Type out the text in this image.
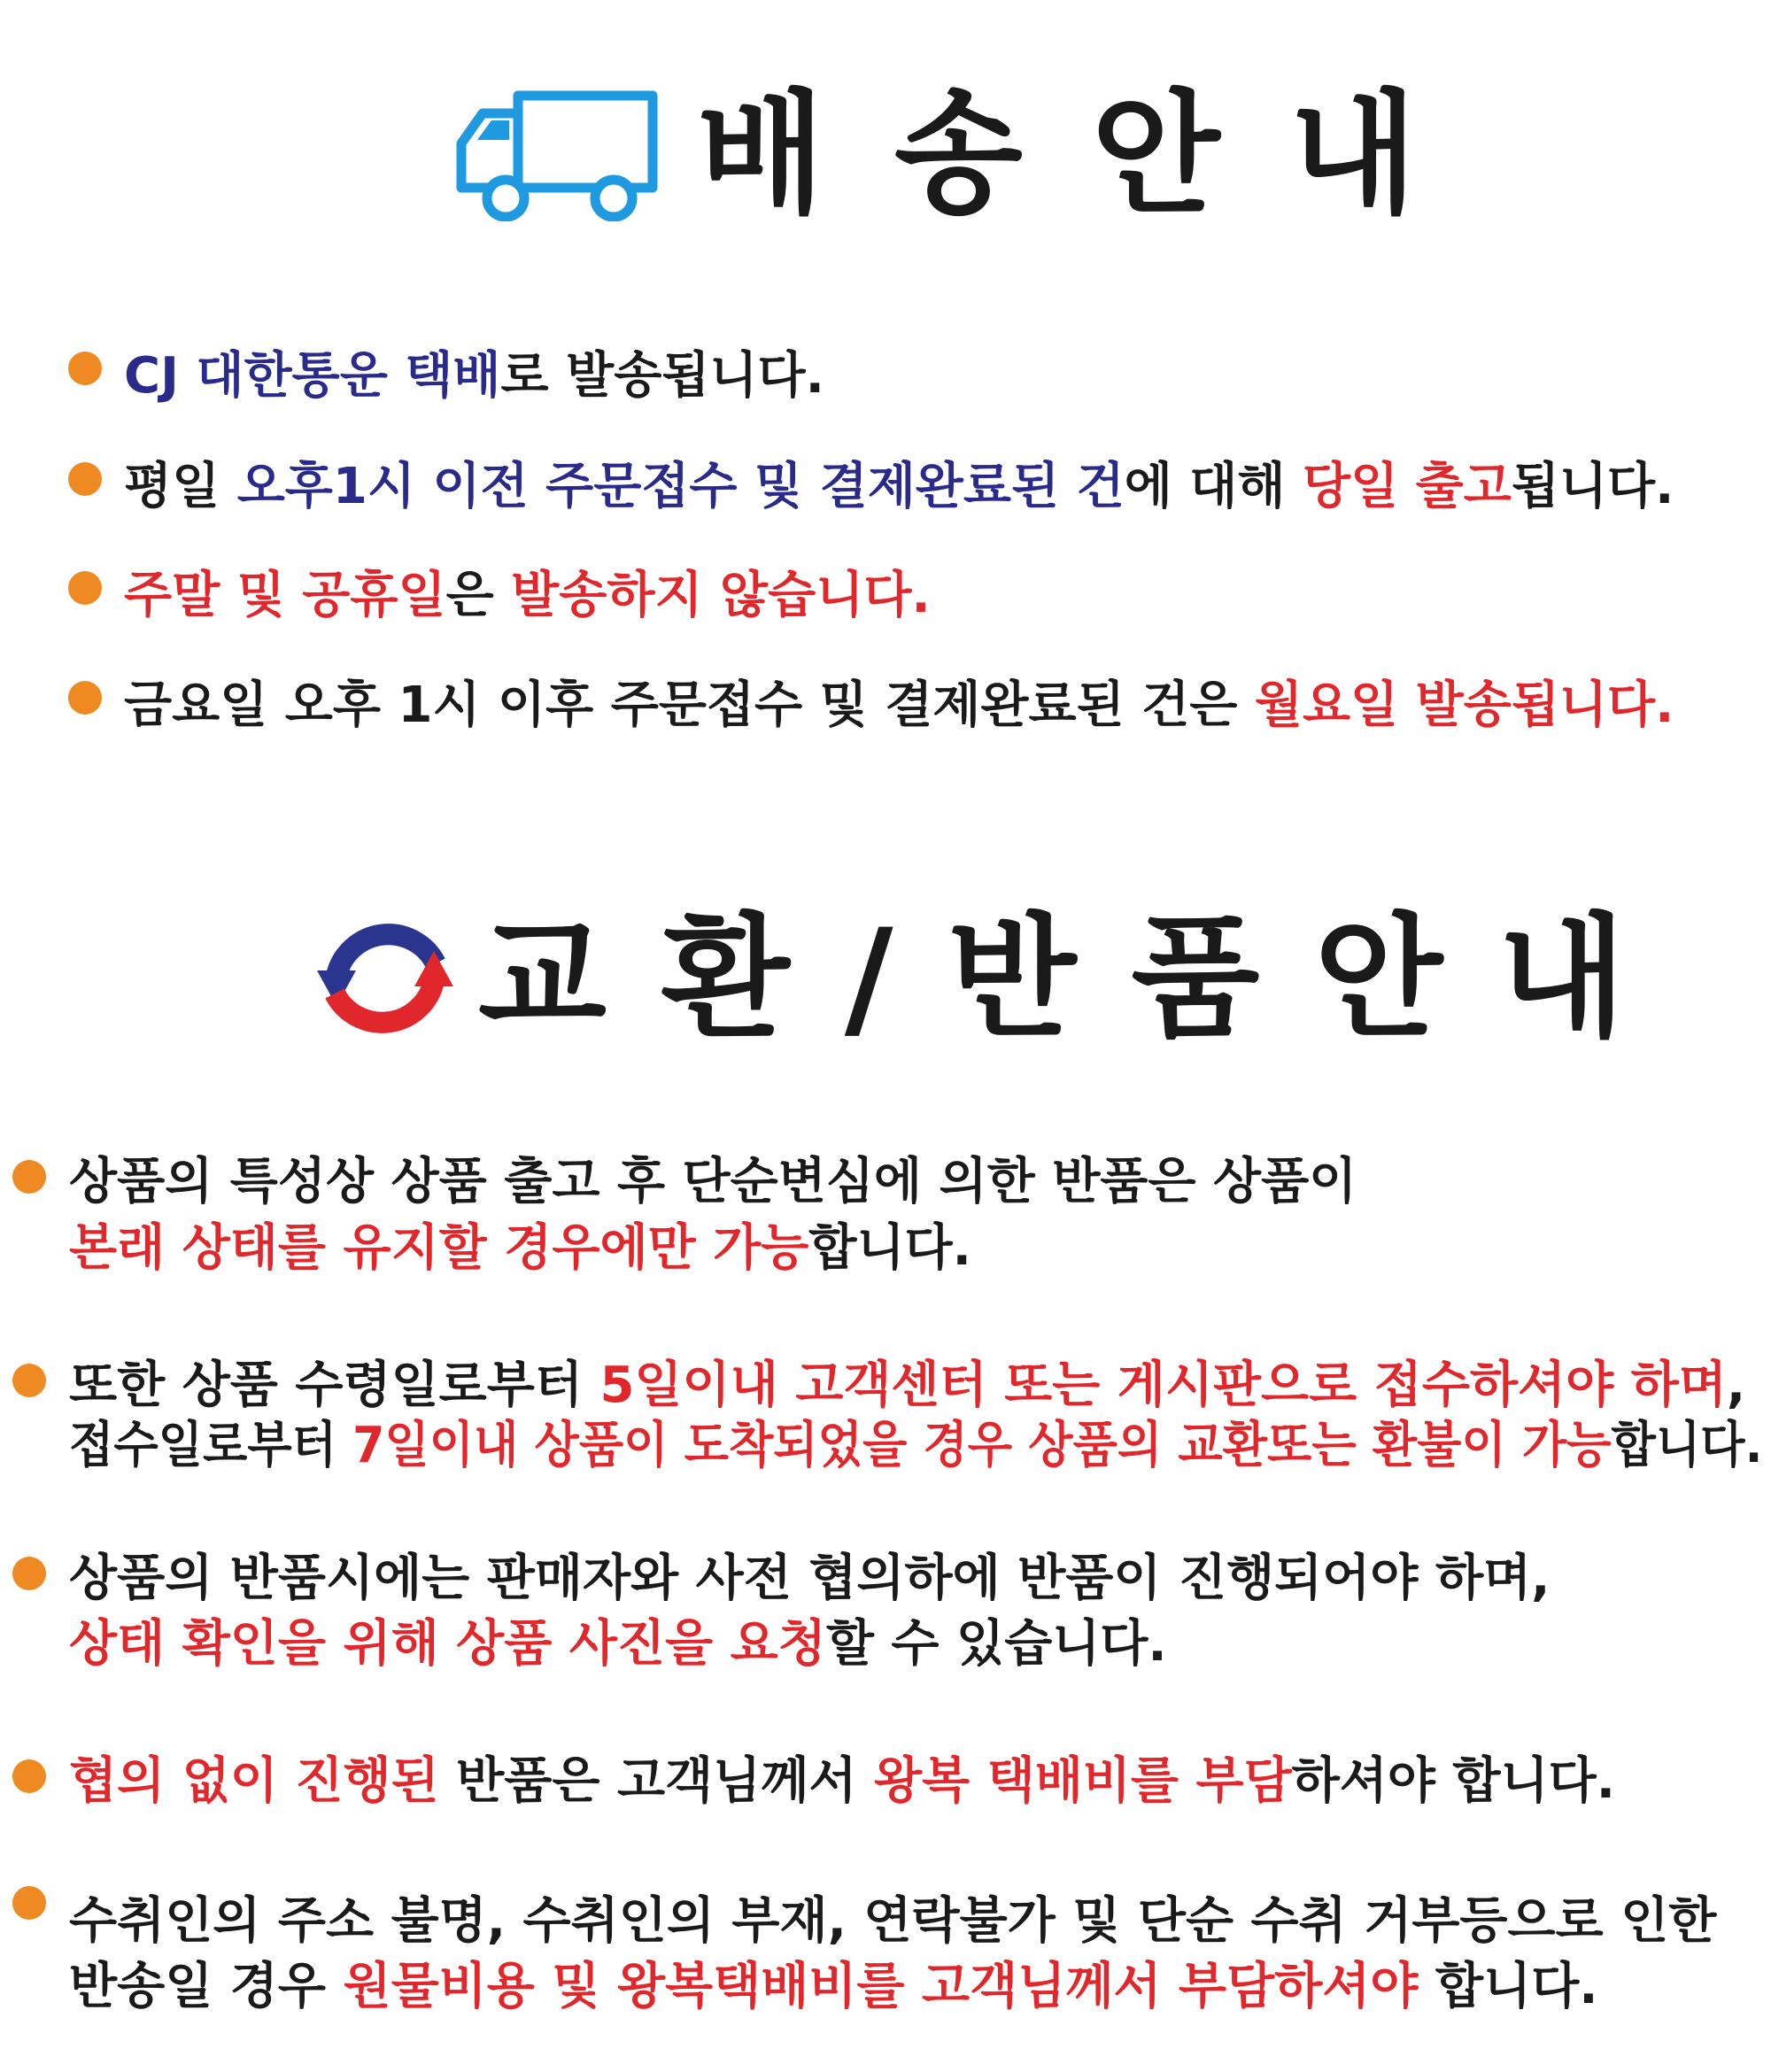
배송안내
CJ 대한통운 택배로 발송됩니다.
평일 오후1시 이전 주문접수 및 결제완료된 건에 대해 당일 출고됩니다.
주말 및 공휴일은 발송하지 않습니다.
금요일 오후 1시 이후 주문접수 및 결제완료된 건은 월요일 발송됩니다.
교환/반품안내
상품의 특성상 상품 출고 후 단순변심에 의한 반품은 상품이
본래 상태를 유지할 경우에만 가능합니다.
또한 상품 수령일로부터 5일이내 고객센터 또는 게시판으로 접수하셔야 하며,
접수일로부터 7일이내 상품이 도착되었을 경우 상품의 교환또는 환불이 가능합니다.
상품의 반품시에는 판매자와 사전 협의하에 반품이 진행되어야 하며,
상태 확인을 위해 상품 사진을 요청할 수 있습니다.
협의 없이 진행된 반품은 고객님께서 왕복 택배비를 부담하셔야 합니다.
수취인의 주소 불명, 수취인의 부재, 연락불가 및 단순 수취 거부등으로 인한
반송일 경우 원물비용 및 왕복택배비를 고객님께서 부담하셔야 합니다.
